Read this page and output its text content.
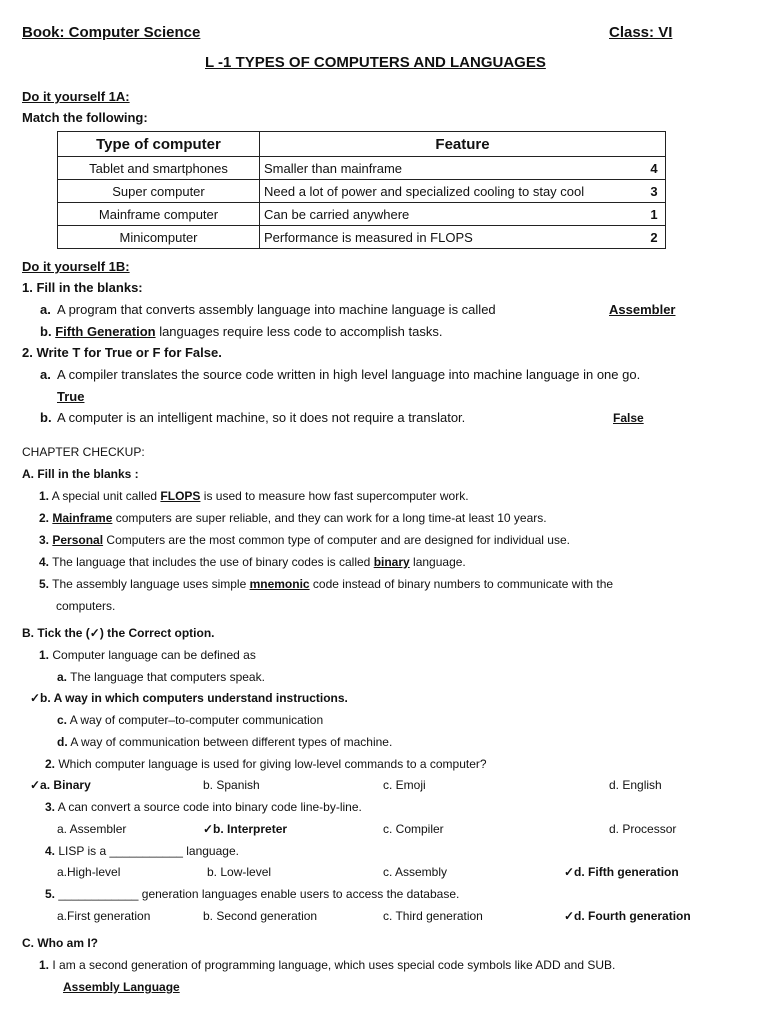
Book: Computer Science	Class: VI
L -1 TYPES OF COMPUTERS AND LANGUAGES
Do it yourself 1A:
Match the following:
Type of computer	Feature	
Tablet and smartphones	Smaller than mainframe	4
Super computer	Need a lot of power and specialized cooling to stay cool	3
Mainframe computer	Can be carried anywhere	1
Minicomputer	Performance is measured in FLOPS	2
Do it yourself 1B:
1. Fill in the blanks:
a. A program that converts assembly language into machine language is called	Assembler
b. Fifth Generation languages require less code to accomplish tasks.
2. Write T for True or F for False.
a. A compiler translates the source code written in high level language into machine language in one go.
True
b. A computer is an intelligent machine, so it does not require a translator.	False
CHAPTER CHECKUP:
A. Fill in the blanks :
1. A special unit called FLOPS is used to measure how fast supercomputer work.
2. Mainframe computers are super reliable, and they can work for a long time-at least 10 years.
3. Personal Computers are the most common type of computer and are designed for individual use.
4. The language that includes the use of binary codes is called binary language.
5. The assembly language uses simple mnemonic code instead of binary numbers to communicate with the
computers.
B. Tick the (✓) the Correct option.
1. Computer language can be defined as
a. The language that computers speak.
✓b. A way in which computers understand instructions.
c. A way of computer–to-computer communication
d. A way of communication between different types of machine.
2. Which computer language is used for giving low-level commands to a computer?
✓a. Binary	b. Spanish	c. Emoji	d. English
3. A can convert a source code into binary code line-by-line.
a. Assembler	✓b. Interpreter	c. Compiler	d. Processor
4. LISP is a ___________ language.
a.High-level	b. Low-level	c. Assembly	✓d. Fifth generation
5. ____________ generation languages enable users to access the database.
a.First generation	b. Second generation	c. Third generation	✓d. Fourth generation
C. Who am I?
1. I am a second generation of programming language, which uses special code symbols like ADD and SUB.
Assembly Language
